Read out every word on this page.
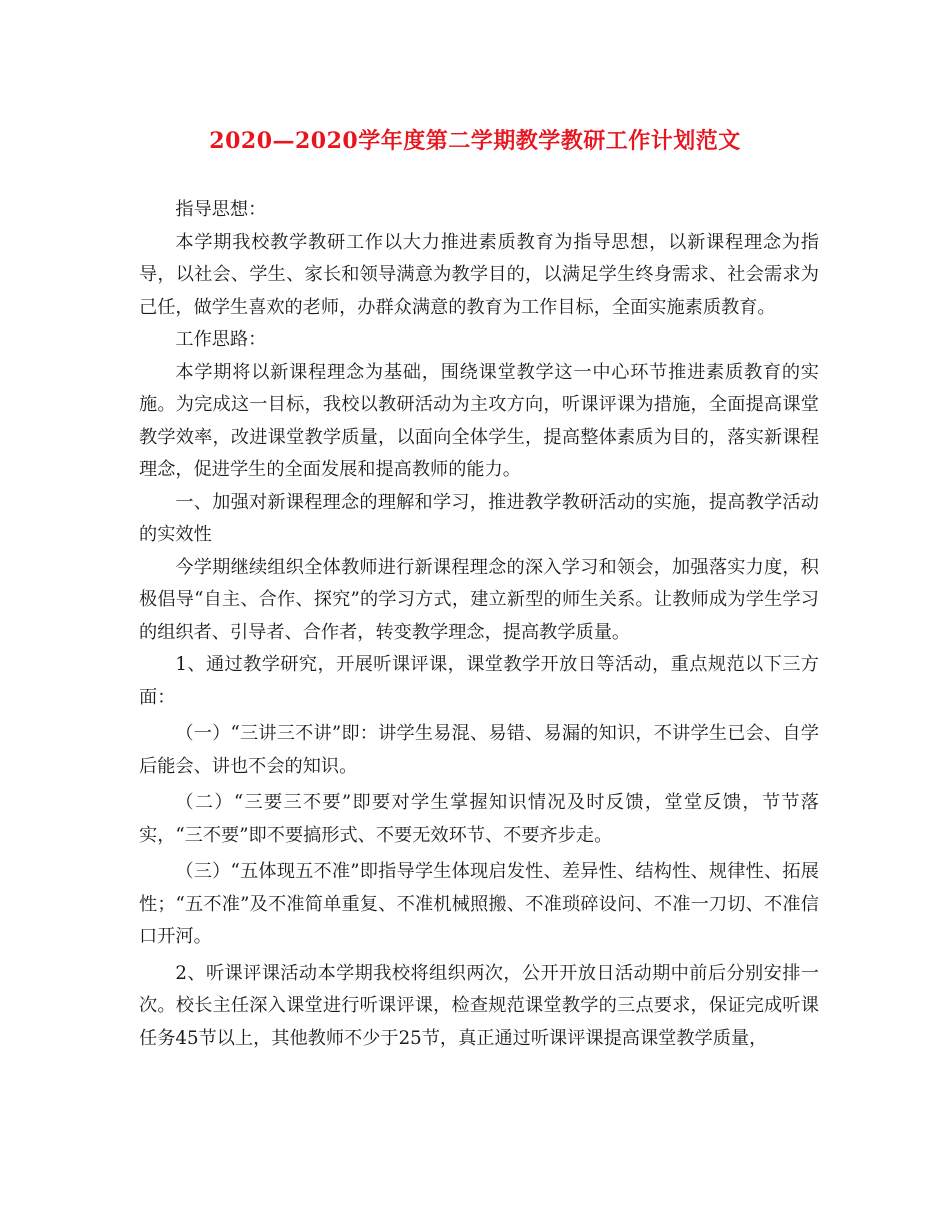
2020—2020学年度第二学期教学教研工作计划范文

指导思想：

本学期我校教学教研工作以大力推进素质教育为指导思想，以新课程理念为指导，以社会、学生、家长和领导满意为教学目的，以满足学生终身需求、社会需求为己任，做学生喜欢的老师，办群众满意的教育为工作目标，全面实施素质教育。

工作思路：

本学期将以新课程理念为基础，围绕课堂教学这一中心环节推进素质教育的实施。为完成这一目标，我校以教研活动为主攻方向，听课评课为措施，全面提高课堂教学效率，改进课堂教学质量，以面向全体学生，提高整体素质为目的，落实新课程理念，促进学生的全面发展和提高教师的能力。

一、加强对新课程理念的理解和学习，推进教学教研活动的实施，提高教学活动的实效性

今学期继续组织全体教师进行新课程理念的深入学习和领会，加强落实力度，积极倡导“自主、合作、探究”的学习方式，建立新型的师生关系。让教师成为学生学习的组织者、引导者、合作者，转变教学理念，提高教学质量。

1、通过教学研究，开展听课评课，课堂教学开放日等活动，重点规范以下三方面：

（一）“三讲三不讲”即：讲学生易混、易错、易漏的知识，不讲学生已会、自学后能会、讲也不会的知识。

（二）“三要三不要”即要对学生掌握知识情况及时反馈，堂堂反馈，节节落实，“三不要”即不要搞形式、不要无效环节、不要齐步走。

（三）“五体现五不准”即指导学生体现启发性、差异性、结构性、规律性、拓展性；“五不准”及不准简单重复、不准机械照搬、不准琐碎设问、不准一刀切、不准信口开河。

2、听课评课活动本学期我校将组织两次，公开开放日活动期中前后分别安排一次。校长主任深入课堂进行听课评课，检查规范课堂教学的三点要求，保证完成听课任务45节以上，其他教师不少于25节，真正通过听课评课提高课堂教学质量，
